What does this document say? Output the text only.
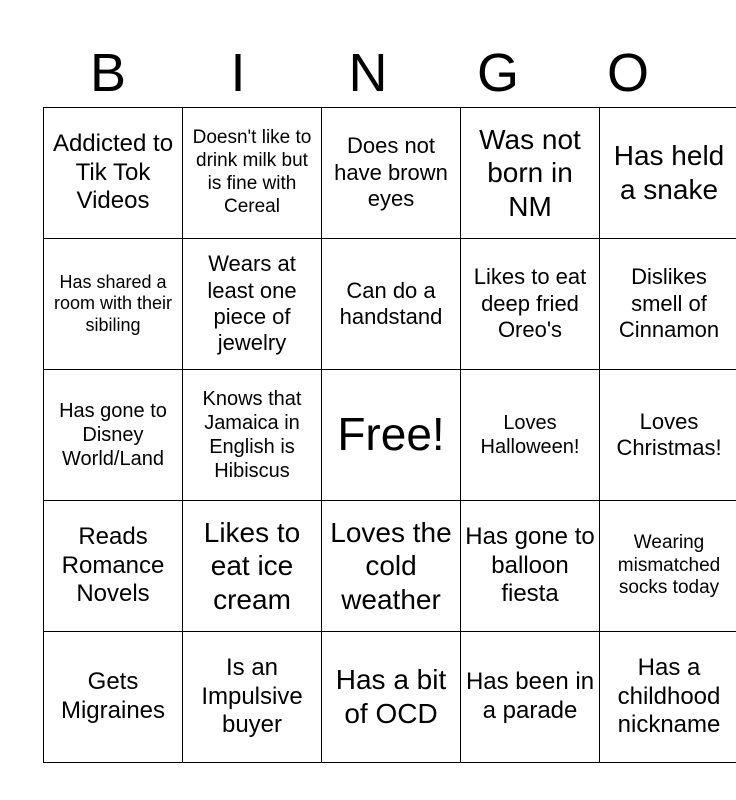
B	I	N	G	O
Addicted to Tik Tok Videos	Doesn't like to drink milk but is fine with Cereal	Does not have brown eyes	Was not born in NM	Has held a snake
Has shared a room with their sibiling	Wears at least one piece of jewelry	Can do a handstand	Likes to eat deep fried Oreo's	Dislikes smell of Cinnamon
Has gone to Disney World/Land	Knows that Jamaica in English is Hibiscus	Free!	Loves Halloween!	Loves Christmas!
Reads Romance Novels	Likes to eat ice cream	Loves the cold weather	Has gone to balloon fiesta	Wearing mismatched socks today
Gets Migraines	Is an Impulsive buyer	Has a bit of OCD	Has been in a parade	Has a childhood nickname
